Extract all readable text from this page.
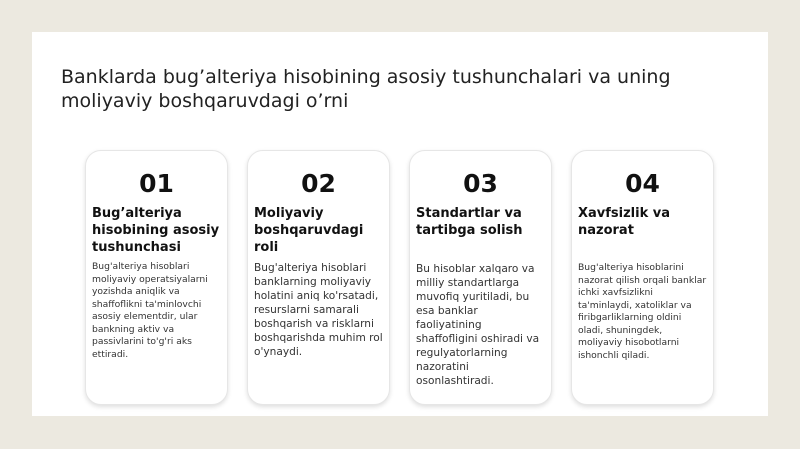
Banklarda bug’alteriya hisobining asosiy tushunchalari va uning moliyaviy boshqaruvdagi o’rni
01
Bug’alteriya hisobining asosiy tushunchasi
Bug'alteriya hisoblari moliyaviy operatsiyalarni yozishda aniqlik va shaffoflikni ta'minlovchi asosiy elementdir, ular bankning aktiv va passivlarini to'g'ri aks ettiradi.
02
Moliyaviy boshqaruvdagi roli
Bug'alteriya hisoblari banklarning moliyaviy holatini aniq ko'rsatadi, resurslarni samarali boshqarish va risklarni boshqarishda muhim rol o'ynaydi.
03
Standartlar va tartibga solish
Bu hisoblar xalqaro va milliy standartlarga muvofiq yuritiladi, bu esa banklar faoliyatining shaffofligini oshiradi va regulyatorlarning nazoratini osonlashtiradi.
04
Xavfsizlik va nazorat
Bug'alteriya hisoblarini nazorat qilish orqali banklar ichki xavfsizlikni ta'minlaydi, xatoliklar va firibgarliklarning oldini oladi, shuningdek, moliyaviy hisobotlarni ishonchli qiladi.
